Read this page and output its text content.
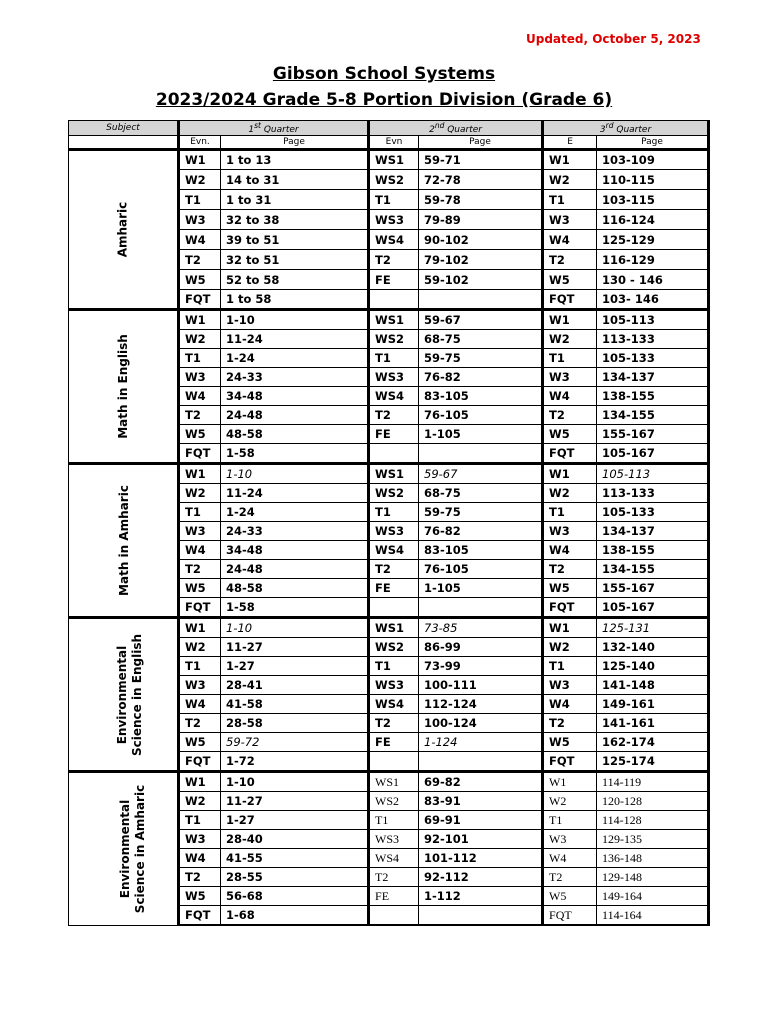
Updated, October 5, 2023
Gibson School Systems
2023/2024 Grade 5-8 Portion Division (Grade 6)
Subject	1st Quarter		2nd Quarter		3rd Quarter	
	Evn.	Page	Evn	Page	E	Page
Amharic	W1	1 to 13	WS1	59-71	W1	103-109
	W2	14 to 31	WS2	72-78	W2	110-115
	T1	1 to 31	T1	59-78	T1	103-115
	W3	32 to 38	WS3	79-89	W3	116-124
	W4	39 to 51	WS4	90-102	W4	125-129
	T2	32 to 51	T2	79-102	T2	116-129
	W5	52 to 58	FE	59-102	W5	130 - 146
	FQT	1 to 58			FQT	103- 146
Math in English	W1	1-10	WS1	59-67	W1	105-113
	W2	11-24	WS2	68-75	W2	113-133
	T1	1-24	T1	59-75	T1	105-133
	W3	24-33	WS3	76-82	W3	134-137
	W4	34-48	WS4	83-105	W4	138-155
	T2	24-48	T2	76-105	T2	134-155
	W5	48-58	FE	1-105	W5	155-167
	FQT	1-58			FQT	105-167
Math in Amharic	W1	1-10	WS1	59-67	W1	105-113
	W2	11-24	WS2	68-75	W2	113-133
	T1	1-24	T1	59-75	T1	105-133
	W3	24-33	WS3	76-82	W3	134-137
	W4	34-48	WS4	83-105	W4	138-155
	T2	24-48	T2	76-105	T2	134-155
	W5	48-58	FE	1-105	W5	155-167
	FQT	1-58			FQT	105-167

Environmental Science in English	W1	1-10	WS1	73-85	W1	125-131
	W2	11-27	WS2	86-99	W2	132-140
	T1	1-27	T1	73-99	T1	125-140
	W3	28-41	WS3	100-111	W3	141-148
	W4	41-58	WS4	112-124	W4	149-161
	T2	28-58	T2	100-124	T2	141-161
	W5	59-72	FE	1-124	W5	162-174
	FQT	1-72			FQT	125-174

Environmental Science in Amharic	W1	1-10	WS1	69-82	W1	114-119
	W2	11-27	WS2	83-91	W2	120-128
	T1	1-27	T1	69-91	T1	114-128
	W3	28-40	WS3	92-101	W3	129-135
	W4	41-55	WS4	101-112	W4	136-148
	T2	28-55	T2	92-112	T2	129-148
	W5	56-68	FE	1-112	W5	149-164
	FQT	1-68			FQT	114-164
